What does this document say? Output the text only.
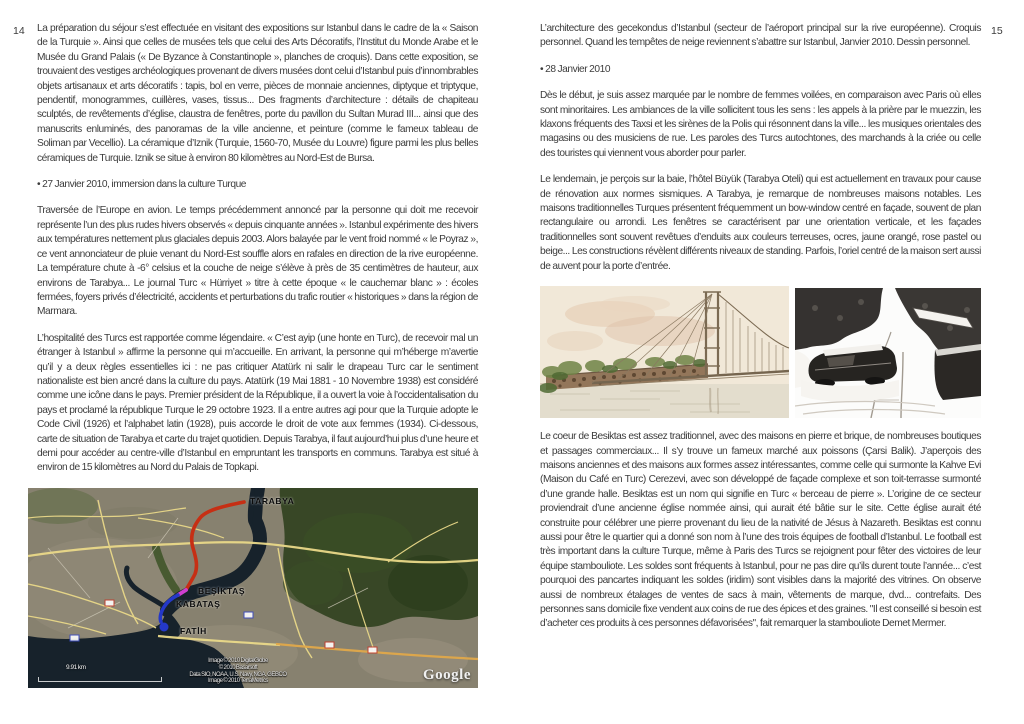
14	15

La préparation du séjour s’est effectuée en visitant des expositions sur Istanbul dans le cadre de la « Saison de la Turquie ». Ainsi que celles de musées tels que celui des Arts Décoratifs, l’Institut du Monde Arabe et le Musée du Grand Palais (« De Byzance à Constantinople », planches de croquis). Dans cette exposition, se trouvaient des vestiges archéologiques provenant de divers musées dont celui d’Istanbul puis d’innombrables objets artisanaux et arts décoratifs : tapis, bol en verre, pièces de monnaie anciennes, diptyque et triptyque, pendentif, monogrammes, cuillères, vases, tissus... Des fragments d’architecture : détails de chapiteau sculptés, de revêtements d’église, claustra de fenêtres, porte du pavillon du Sultan Murad III... ainsi que des manuscrits enluminés, des panoramas de la ville ancienne, et peinture (comme le fameux tableau de Soliman par Vecellio). La céramique d’Iznik (Turquie, 1560-70, Musée du Louvre) figure parmi les plus belles céramiques de Turquie. Iznik se situe à environ 80 kilomètres au Nord-Est de Bursa.

• 27 Janvier 2010, immersion dans la culture Turque

Traversée de l’Europe en avion. Le temps précédemment annoncé par la personne qui doit me recevoir représente l’un des plus rudes hivers observés « depuis cinquante années ». Istanbul expérimente des hivers aux températures nettement plus glaciales depuis 2003. Alors balayée par le vent froid nommé « le Poyraz », ce vent annonciateur de pluie venant du Nord-Est souffle alors en rafales en direction de la rive européenne. La température chute à -6° celsius et la couche de neige s’élève à près de 35 centimètres de hauteur, aux environs de Tarabya... Le journal Turc « Hürriyet » titre à cette époque « le cauchemar blanc » : écoles fermées, foyers privés d’électricité, accidents et perturbations du trafic routier « historiques » dans la région de Marmara.

L’hospitalité des Turcs est rapportée comme légendaire. « C’est ayip (une honte en Turc), de recevoir mal un étranger à Istanbul » affirme la personne qui m’accueille. En arrivant, la personne qui m’héberge m’avertie qu’il y a deux règles essentielles ici : ne pas critiquer Atatürk ni salir le drapeau Turc car le sentiment nationaliste est bien ancré dans la culture du pays. Atatürk (19 Mai 1881 - 10 Novembre 1938) est considéré comme une icône dans le pays. Premier président de la République, il a ouvert la voie à l’occidentalisation du pays et proclamé la république Turque le 29 octobre 1923. Il a entre autres agi pour que la Turquie adopte le Code Civil (1926) et l’alphabet latin (1928), puis accorde le droit de vote aux femmes (1934). Ci-dessous, carte de situation de Tarabya et carte du trajet quotidien. Depuis Tarabya, il faut aujourd’hui plus d’une heure et demi pour accéder au centre-ville d’Istanbul en empruntant les transports en communs. Tarabya est situé à environ de 15 kilomètres au Nord du Palais de Topkapi.

TARABYA
BEŞİKTAŞ
KABATAŞ
FATİH
9.91 km
Image © 2010 DigitalGlobe
© 2010 Basarsoft
Data SIO, NOAA, U.S. Navy, NGA, GEBCO
Image © 2010 TerraMetrics	Google

L’architecture des gecekondus d’Istanbul (secteur de l’aéroport principal sur la rive européenne). Croquis personnel. Quand les tempêtes de neige reviennent s’abattre sur Istanbul, Janvier 2010. Dessin personnel.

• 28 Janvier 2010

Dès le début, je suis assez marquée par le nombre de femmes voilées, en comparaison avec Paris où elles sont minoritaires. Les ambiances de la ville sollicitent tous les sens : les appels à la prière par le muezzin, les klaxons fréquents des Taxsi et les sirènes de la Polis qui résonnent dans la ville... les musiques orientales des magasins ou des musiciens de rue. Les paroles des Turcs autochtones, des marchands à la criée ou celle des touristes qui viennent vous aborder pour parler.

Le lendemain, je perçois sur la baie, l’hôtel Büyük (Tarabya Oteli) qui est actuellement en travaux pour cause de rénovation aux normes sismiques. A Tarabya, je remarque de nombreuses maisons notables. Les maisons traditionnelles Turques présentent fréquemment un bow-window centré en façade, souvent de plan rectangulaire ou arrondi. Les fenêtres se caractérisent par une orientation verticale, et les façades traditionnelles sont souvent revêtues d’enduits aux couleurs terreuses, ocres, jaune orangé, rose pastel ou beige... Les constructions révèlent différents niveaux de standing. Parfois, l’oriel centré de la maison sert aussi de auvent pour la porte d’entrée.

Le coeur de Besiktas est assez traditionnel, avec des maisons en pierre et brique, de nombreuses boutiques et passages commerciaux... Il s’y trouve un fameux marché aux poissons (Çarsi Balik). J’aperçois des maisons anciennes et des maisons aux formes assez intéressantes, comme celle qui surmonte la Kahve Evi (Maison du Café en Turc) Cerezevi, avec son développé de façade complexe et son toit-terrasse surmonté d’une grande halle. Besiktas est un nom qui signifie en Turc « berceau de pierre ». L’origine de ce secteur proviendrait d’une ancienne église nommée ainsi, qui aurait été bâtie sur le site. Cette église aurait été construite pour célébrer une pierre provenant du lieu de la nativité de Jésus à Nazareth. Besiktas est connu aussi pour être le quartier qui a donné son nom à l’une des trois équipes de football d’Istanbul. Le football est très important dans la culture Turque, même à Paris des Turcs se rejoignent pour fêter des victoires de leur équipe stambouliote. Les soldes sont fréquents à Istanbul, pour ne pas dire qu’ils durent toute l’année... c’est pourquoi des pancartes indiquant les soldes (iridim) sont visibles dans la majorité des vitrines. On observe aussi de nombreux étalages de ventes de sacs à main, vêtements de marque, dvd... contrefaits. Des personnes sans domicile fixe vendent aux coins de rue des épices et des graines. "Il est conseillé si besoin est d’acheter ces produits à ces personnes défavorisées", fait remarquer la stambouliote Demet Mermer.
